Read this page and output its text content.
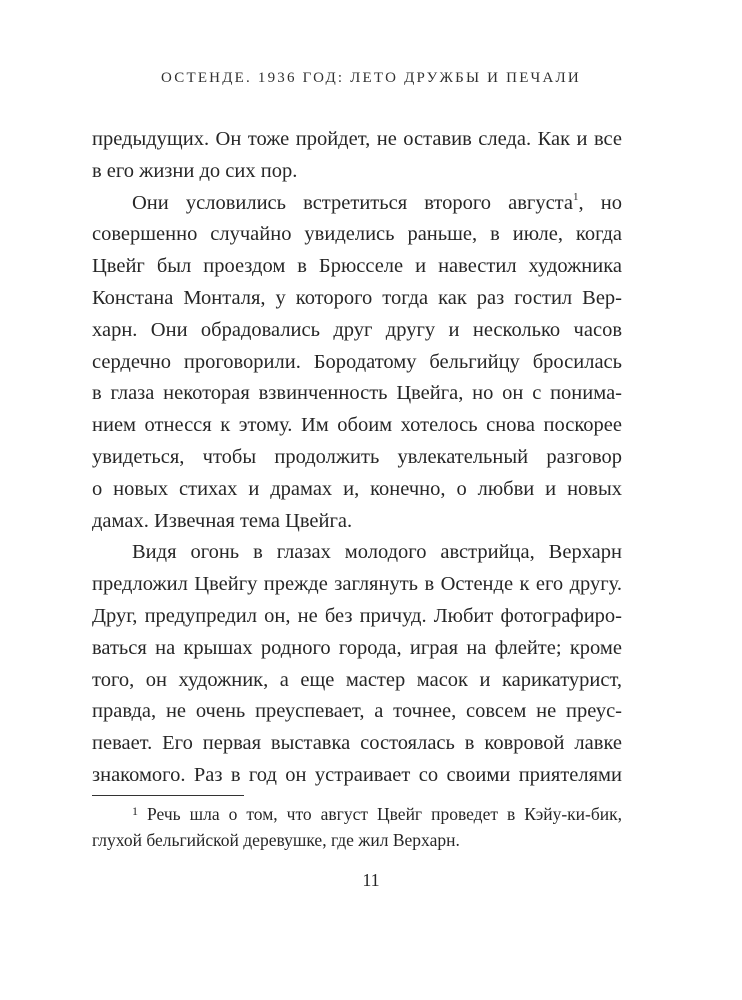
ОСТЕНДЕ. 1936 ГОД: ЛЕТО ДРУЖБЫ И ПЕЧАЛИ
предыдущих. Он тоже пройдет, не оставив следа. Как и все
в его жизни до сих пор.
Они условились встретиться второго августа$^1$, но
совершенно случайно увиделись раньше, в июле, когда
Цвейг был проездом в Брюсселе и навестил художника
Констана Монталя, у которого тогда как раз гостил Вер-
харн. Они обрадовались друг другу и несколько часов
сердечно проговорили. Бородатому бельгийцу бросилась
в глаза некоторая взвинченность Цвейга, но он с понима-
нием отнесся к этому. Им обоим хотелось снова поскорее
увидеться, чтобы продолжить увлекательный разговор
о новых стихах и драмах и, конечно, о любви и новых
дамах. Извечная тема Цвейга.
Видя огонь в глазах молодого австрийца, Верхарн
предложил Цвейгу прежде заглянуть в Остенде к его другу.
Друг, предупредил он, не без причуд. Любит фотографиро-
ваться на крышах родного города, играя на флейте; кроме
того, он художник, а еще мастер масок и карикатурист,
правда, не очень преуспевает, а точнее, совсем не преус-
певает. Его первая выставка состоялась в ковровой лавке
знакомого. Раз в год он устраивает со своими приятелями
$^1$ Речь шла о том, что август Цвейг проведет в Кэйу-ки-бик,
глухой бельгийской деревушке, где жил Верхарн.
11
